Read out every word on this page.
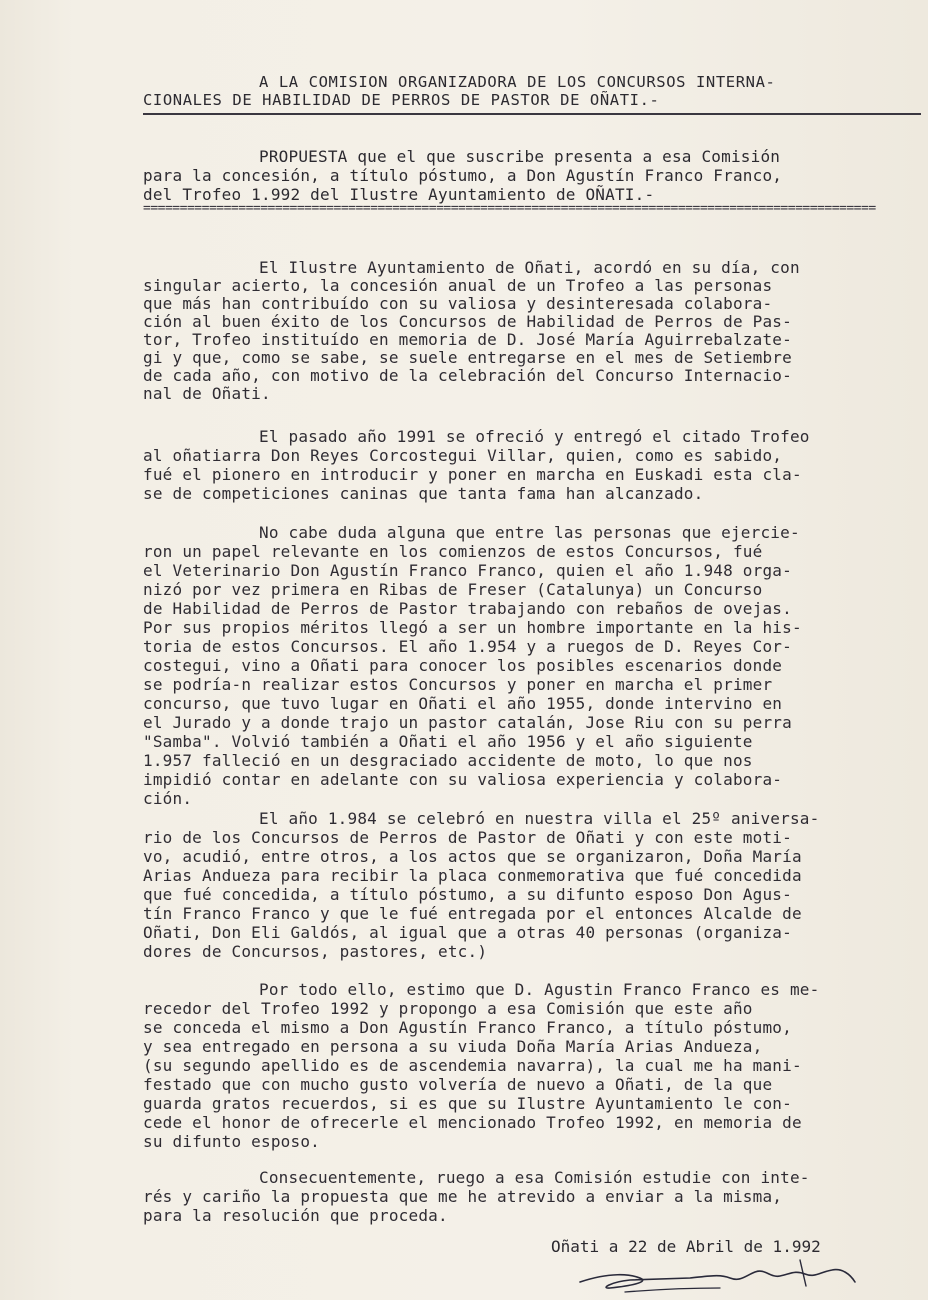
A LA COMISION ORGANIZADORA DE LOS CONCURSOS INTERNA-
CIONALES DE HABILIDAD DE PERROS DE PASTOR DE OÑATI.-
PROPUESTA que el que suscribe presenta a esa Comisión
para la concesión, a título póstumo, a Don Agustín Franco Franco,
del Trofeo 1.992 del Ilustre Ayuntamiento de OÑATI.-
====================================================================================================
El Ilustre Ayuntamiento de Oñati, acordó en su día, con
singular acierto, la concesión anual de un Trofeo a las personas
que más han contribuído con su valiosa y desinteresada colabora-
ción al buen éxito de los Concursos de Habilidad de Perros de Pas-
tor, Trofeo instituído en memoria de D. José María Aguirrebalzate-
gi y que, como se sabe, se suele entregarse en el mes de Setiembre
de cada año, con motivo de la celebración del Concurso Internacio-
nal de Oñati.
El pasado año 1991 se ofreció y entregó el citado Trofeo
al oñatiarra Don Reyes Corcostegui Villar, quien, como es sabido,
fué el pionero en introducir y poner en marcha en Euskadi esta cla-
se de competiciones caninas que tanta fama han alcanzado.
No cabe duda alguna que entre las personas que ejercie-
ron un papel relevante en los comienzos de estos Concursos, fué
el Veterinario Don Agustín Franco Franco, quien el año 1.948 orga-
nizó por vez primera en Ribas de Freser (Catalunya) un Concurso
de Habilidad de Perros de Pastor trabajando con rebaños de ovejas.
Por sus propios méritos llegó a ser un hombre importante en la his-
toria de estos Concursos. El año 1.954 y a ruegos de D. Reyes Cor-
costegui, vino a Oñati para conocer los posibles escenarios donde
se podría-n realizar estos Concursos y poner en marcha el primer
concurso, que tuvo lugar en Oñati el año 1955, donde intervino en
el Jurado y a donde trajo un pastor catalán, Jose Riu con su perra
"Samba". Volvió también a Oñati el año 1956 y el año siguiente
1.957 falleció en un desgraciado accidente de moto, lo que nos
impidió contar en adelante con su valiosa experiencia y colabora-
ción.
El año 1.984 se celebró en nuestra villa el 25º aniversa-
rio de los Concursos de Perros de Pastor de Oñati y con este moti-
vo, acudió, entre otros, a los actos que se organizaron, Doña María
Arias Andueza para recibir la placa conmemorativa que fué concedida
que fué concedida, a título póstumo, a su difunto esposo Don Agus-
tín Franco Franco y que le fué entregada por el entonces Alcalde de
Oñati, Don Eli Galdós, al igual que a otras 40 personas (organiza-
dores de Concursos, pastores, etc.)
Por todo ello, estimo que D. Agustin Franco Franco es me-
recedor del Trofeo 1992 y propongo a esa Comisión que este año
se conceda el mismo a Don Agustín Franco Franco, a título póstumo,
y sea entregado en persona a su viuda Doña María Arias Andueza,
(su segundo apellido es de ascendemia navarra), la cual me ha mani-
festado que con mucho gusto volvería de nuevo a Oñati, de la que
guarda gratos recuerdos, si es que su Ilustre Ayuntamiento le con-
cede el honor de ofrecerle el mencionado Trofeo 1992, en memoria de
su difunto esposo.
Consecuentemente, ruego a esa Comisión estudie con inte-
rés y cariño la propuesta que me he atrevido a enviar a la misma,
para la resolución que proceda.
Oñati a 22 de Abril de 1.992
